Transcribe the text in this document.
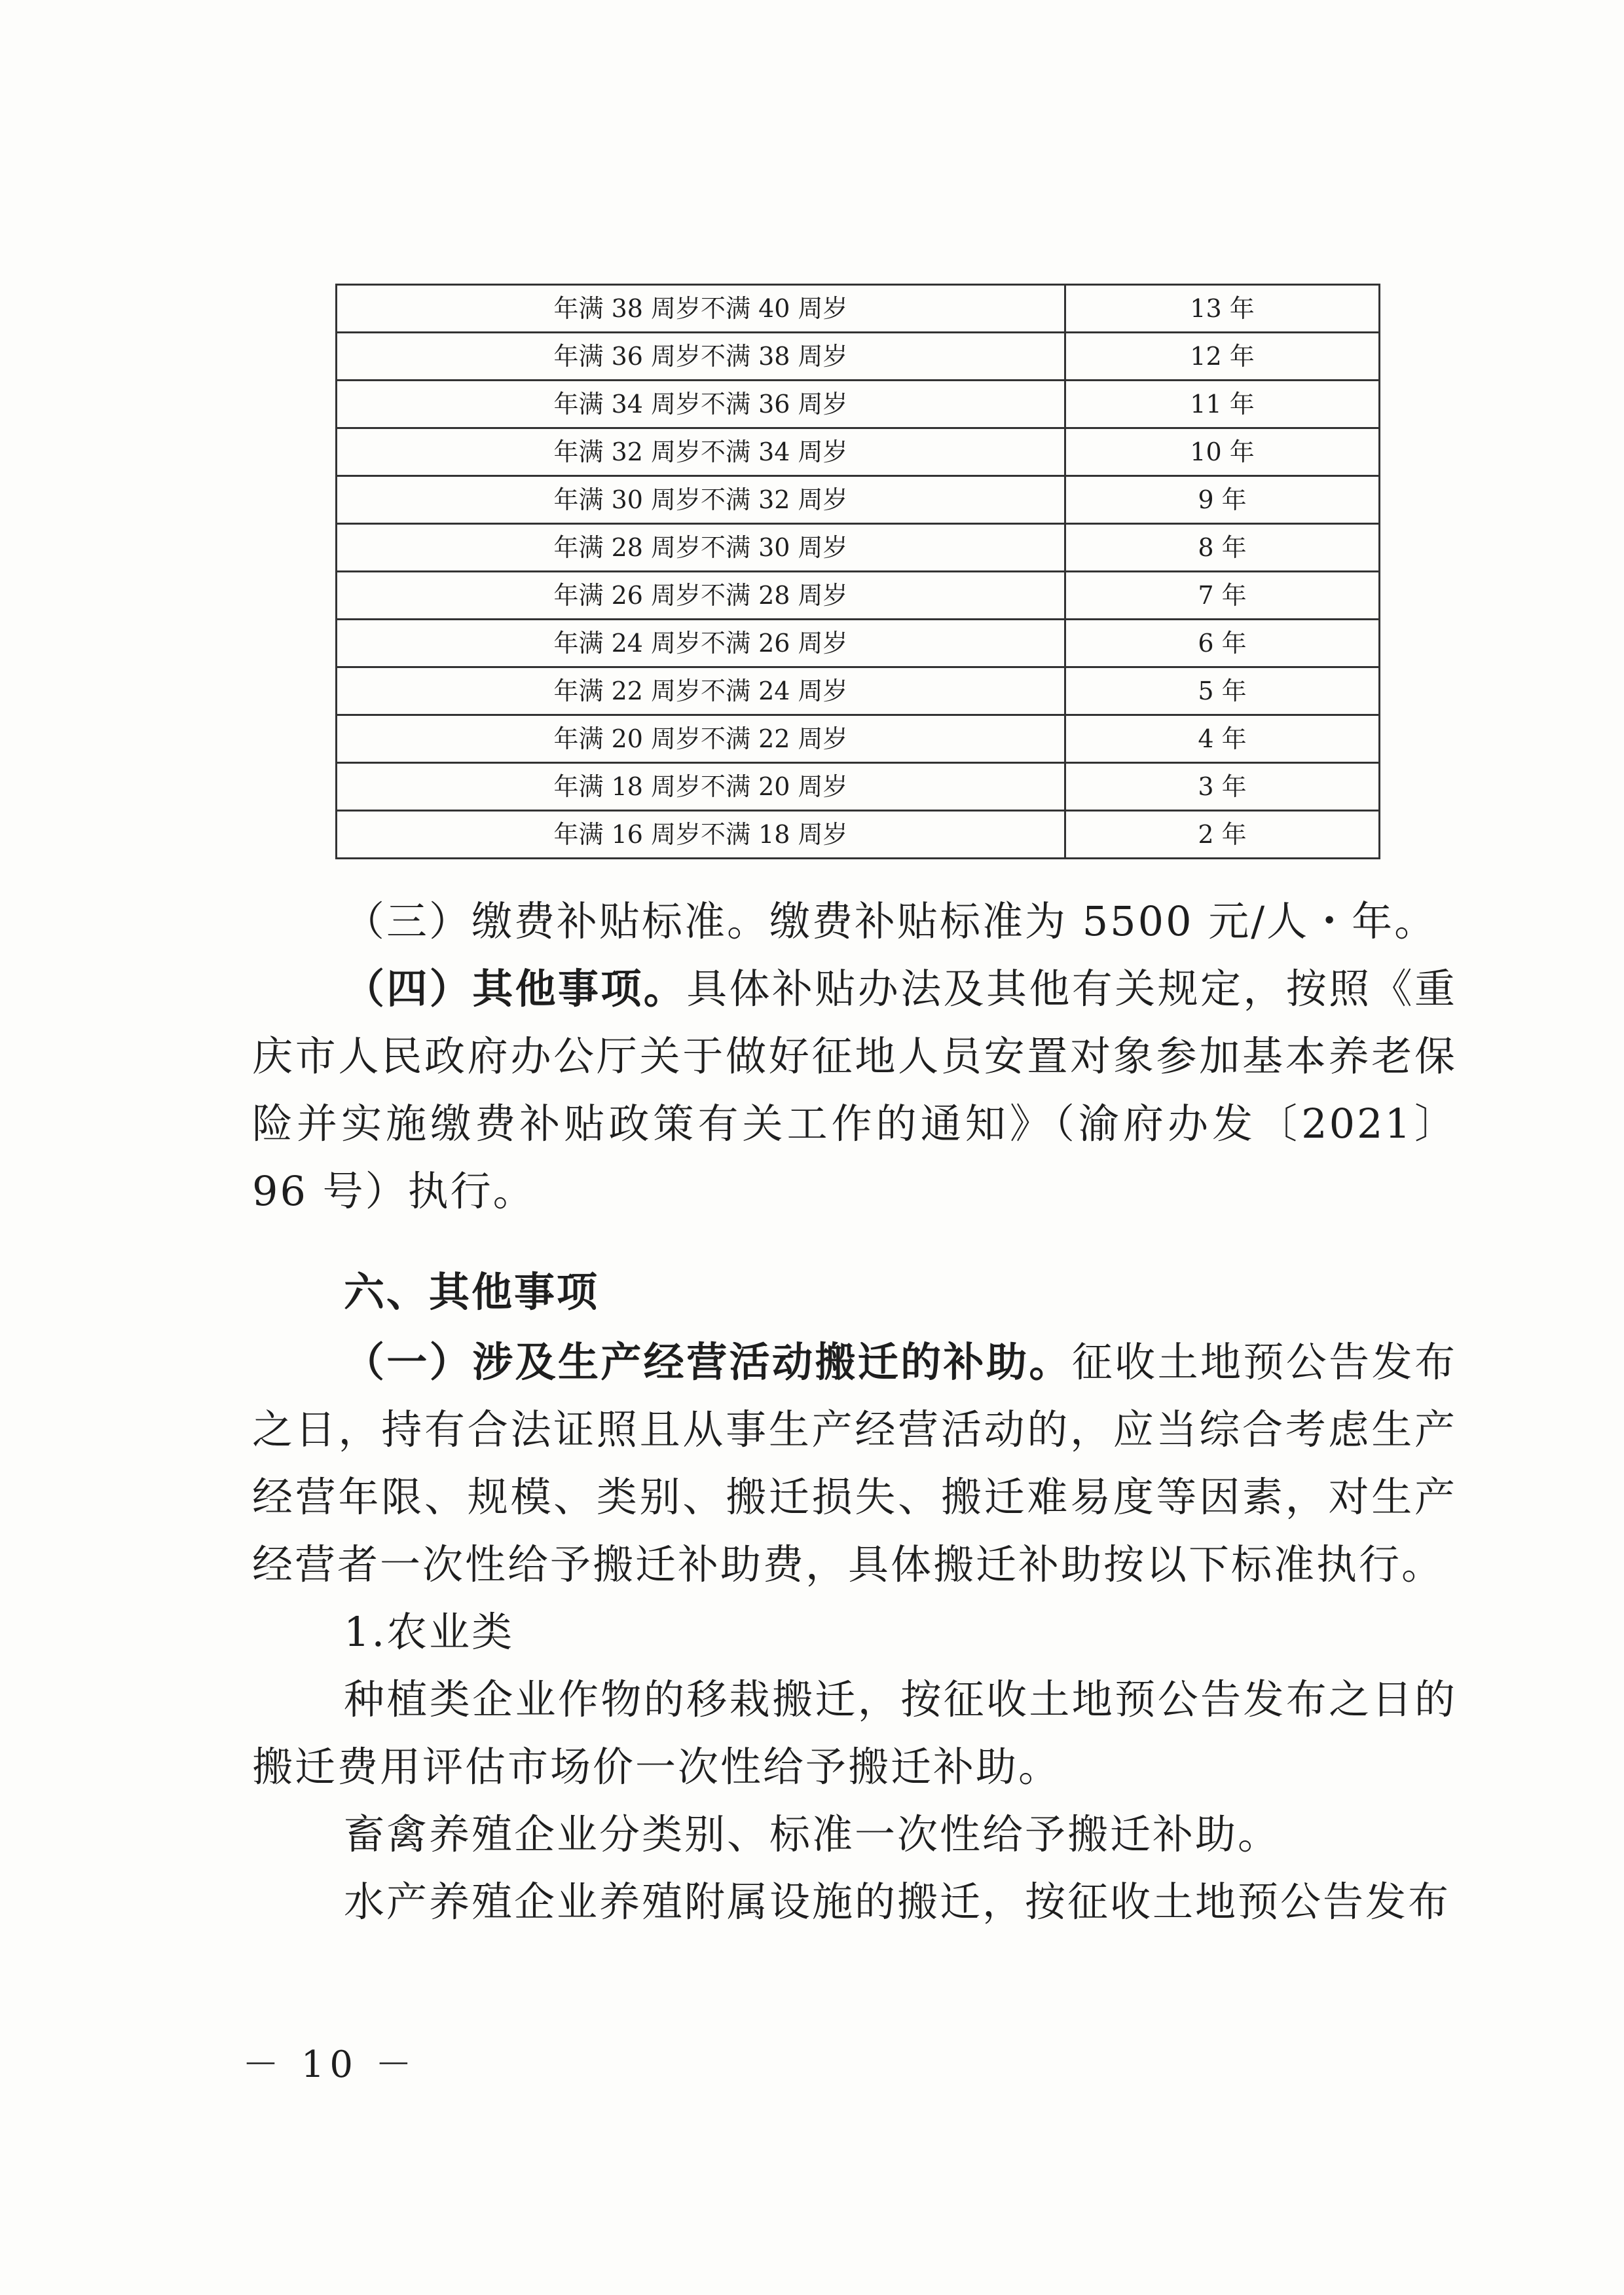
年满 38 周岁不满 40 周岁	13 年
年满 36 周岁不满 38 周岁	12 年
年满 34 周岁不满 36 周岁	11 年
年满 32 周岁不满 34 周岁	10 年
年满 30 周岁不满 32 周岁	9 年
年满 28 周岁不满 30 周岁	8 年
年满 26 周岁不满 28 周岁	7 年
年满 24 周岁不满 26 周岁	6 年
年满 22 周岁不满 24 周岁	5 年
年满 20 周岁不满 22 周岁	4 年
年满 18 周岁不满 20 周岁	3 年
年满 16 周岁不满 18 周岁	2 年
（三）缴费补贴标准。缴费补贴标准为 5500 元/人・年。
（四）其他事项。具体补贴办法及其他有关规定，按照《重庆市人民政府办公厅关于做好征地人员安置对象参加基本养老保险并实施缴费补贴政策有关工作的通知》（渝府办发〔2021〕96 号）执行。
六、其他事项
（一）涉及生产经营活动搬迁的补助。征收土地预公告发布之日，持有合法证照且从事生产经营活动的，应当综合考虑生产经营年限、规模、类别、搬迁损失、搬迁难易度等因素，对生产经营者一次性给予搬迁补助费，具体搬迁补助按以下标准执行。
1.农业类
种植类企业作物的移栽搬迁，按征收土地预公告发布之日的搬迁费用评估市场价一次性给予搬迁补助。
畜禽养殖企业分类别、标准一次性给予搬迁补助。
水产养殖企业养殖附属设施的搬迁，按征收土地预公告发布
－ 10 －
